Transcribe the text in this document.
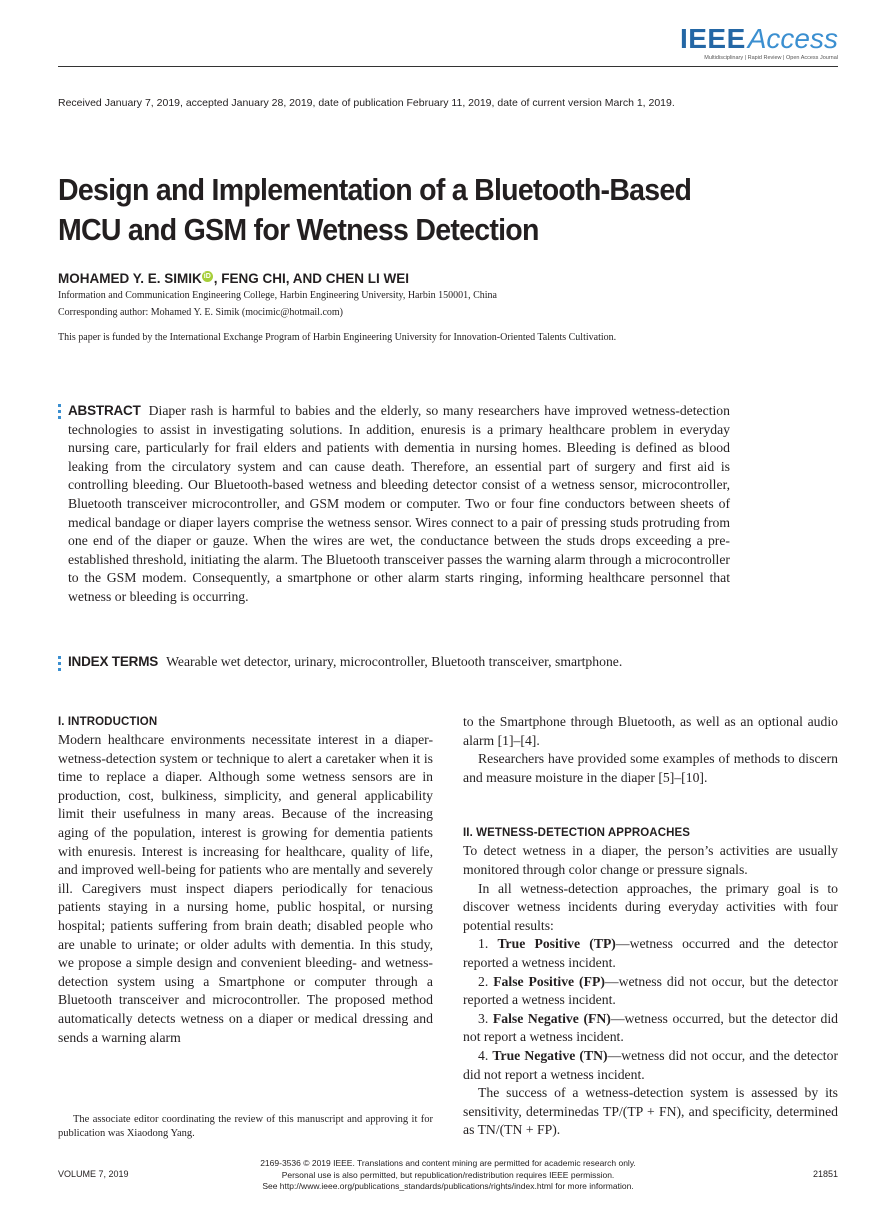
IEEEAccess
Multidisciplinary | Rapid Review | Open Access Journal
Received January 7, 2019, accepted January 28, 2019, date of publication February 11, 2019, date of current version March 1, 2019.
Design and Implementation of a Bluetooth-Based MCU and GSM for Wetness Detection
MOHAMED Y. E. SIMIK iD , FENG CHI, AND CHEN LI WEI
Information and Communication Engineering College, Harbin Engineering University, Harbin 150001, China
Corresponding author: Mohamed Y. E. Simik (mocimic@hotmail.com)
This paper is funded by the International Exchange Program of Harbin Engineering University for Innovation-Oriented Talents Cultivation.
ABSTRACT Diaper rash is harmful to babies and the elderly, so many researchers have improved wetness-detection technologies to assist in investigating solutions. In addition, enuresis is a primary healthcare problem in everyday nursing care, particularly for frail elders and patients with dementia in nursing homes. Bleeding is defined as blood leaking from the circulatory system and can cause death. Therefore, an essential part of surgery and first aid is controlling bleeding. Our Bluetooth-based wetness and bleeding detector consist of a wetness sensor, microcontroller, Bluetooth transceiver microcontroller, and GSM modem or computer. Two or four fine conductors between sheets of medical bandage or diaper layers comprise the wetness sensor. Wires connect to a pair of pressing studs protruding from one end of the diaper or gauze. When the wires are wet, the conductance between the studs drops exceeding a pre-established threshold, initiating the alarm. The Bluetooth transceiver passes the warning alarm through a microcontroller to the GSM modem. Consequently, a smartphone or other alarm starts ringing, informing healthcare personnel that wetness or bleeding is occurring.
INDEX TERMS Wearable wet detector, urinary, microcontroller, Bluetooth transceiver, smartphone.
I. INTRODUCTION

Modern healthcare environments necessitate interest in a diaper-wetness-detection system or technique to alert a caretaker when it is time to replace a diaper. Although some wetness sensors are in production, cost, bulkiness, simplicity, and general applicability limit their usefulness in many areas. Because of the increasing aging of the population, interest is growing for dementia patients with enuresis. Interest is increasing for healthcare, quality of life, and improved well-being for patients who are mentally and severely ill. Caregivers must inspect diapers periodically for tenacious patients staying in a nursing home, public hospital, or nursing hospital; patients suffering from brain death; disabled people who are unable to urinate; or older adults with dementia. In this study, we propose a simple design and convenient bleeding- and wetness-detection system using a Smartphone or computer through a Bluetooth transceiver and microcontroller. The proposed method automatically detects wetness on a diaper or medical dressing and sends a warning alarm

The associate editor coordinating the review of this manuscript and approving it for publication was Xiaodong Yang.

to the Smartphone through Bluetooth, as well as an optional audio alarm [1]–[4].

Researchers have provided some examples of methods to discern and measure moisture in the diaper [5]–[10].

II. WETNESS-DETECTION APPROACHES

To detect wetness in a diaper, the person’s activities are usually monitored through color change or pressure signals.

In all wetness-detection approaches, the primary goal is to discover wetness incidents during everyday activities with four potential results:

1. True Positive (TP)—wetness occurred and the detector reported a wetness incident.

2. False Positive (FP)—wetness did not occur, but the detector reported a wetness incident.

3. False Negative (FN)—wetness occurred, but the detector did not report a wetness incident.

4. True Negative (TN)—wetness did not occur, and the detector did not report a wetness incident.

The success of a wetness-detection system is assessed by its sensitivity, determinedas TP/(TP + FN), and specificity, determined as TN/(TN + FP).

VOLUME 7, 2019
2169-3536 © 2019 IEEE. Translations and content mining are permitted for academic research only.
Personal use is also permitted, but republication/redistribution requires IEEE permission.
See http://www.ieee.org/publications_standards/publications/rights/index.html for more information.
21851
